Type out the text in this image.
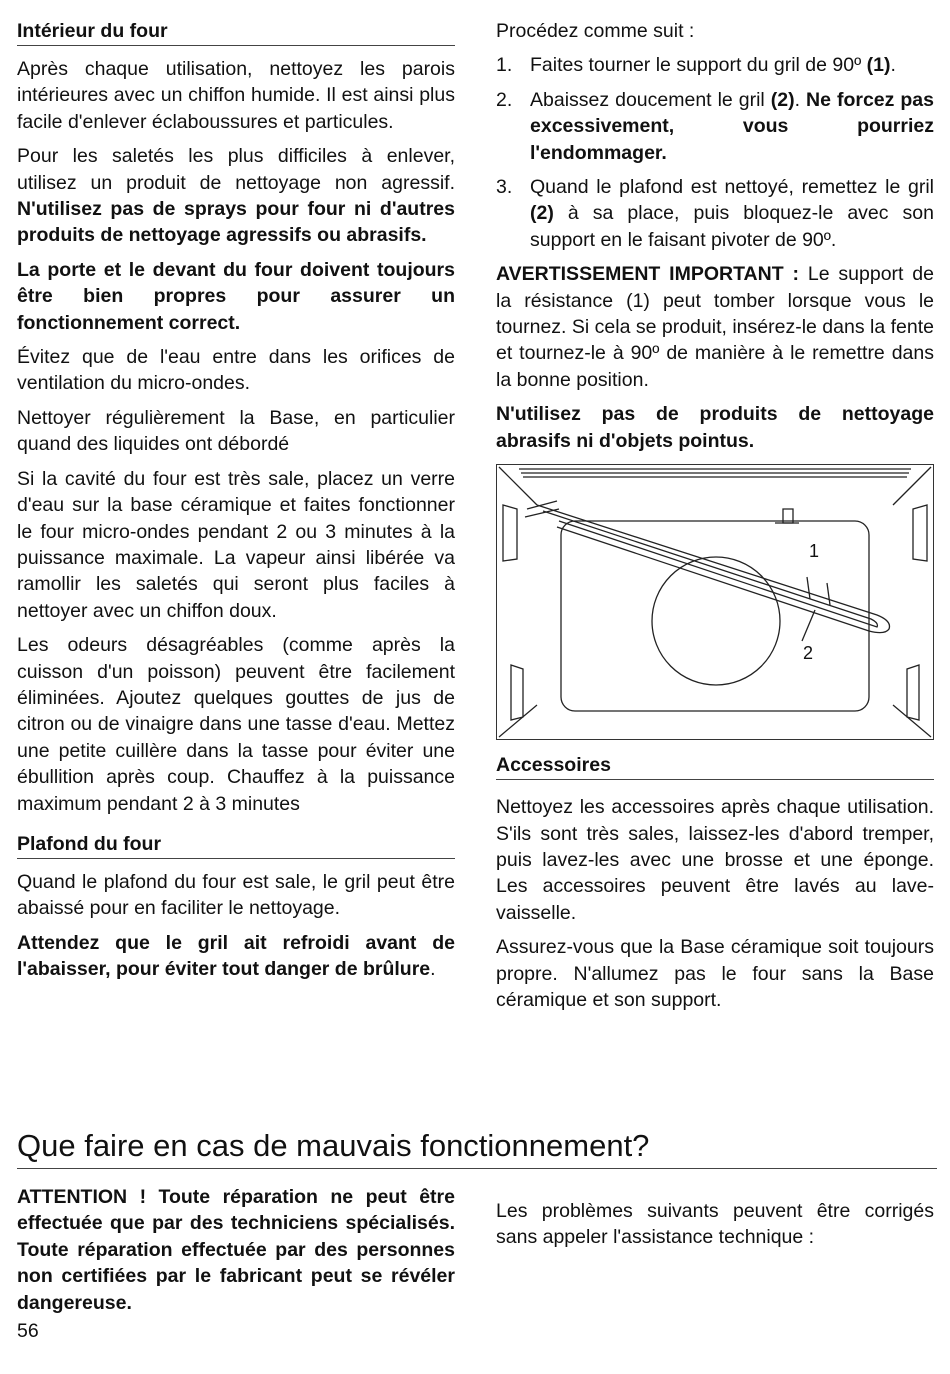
Intérieur du four

Après chaque utilisation, nettoyez les parois intérieures avec un chiffon humide. Il est ainsi plus facile d'enlever éclaboussures et particules.

Pour les saletés les plus difficiles à enlever, utilisez un produit de nettoyage non agressif. N'utilisez pas de sprays pour four ni d'autres produits de nettoyage agressifs ou abrasifs.

La porte et le devant du four doivent toujours être bien propres pour assurer un fonctionnement correct.

Évitez que de l'eau entre dans les orifices de ventilation du micro-ondes.

Nettoyer régulièrement la Base, en particulier quand des liquides ont débordé

Si la cavité du four est très sale, placez un verre d'eau sur la base céramique et faites fonctionner le four micro-ondes pendant 2 ou 3 minutes à la puissance maximale. La vapeur ainsi libérée va ramollir les saletés qui seront plus faciles à nettoyer avec un chiffon doux.

Les odeurs désagréables (comme après la cuisson d'un poisson) peuvent être facilement éliminées. Ajoutez quelques gouttes de jus de citron ou de vinaigre dans une tasse d'eau. Mettez une petite cuillère dans la tasse pour éviter une ébullition après coup. Chauffez à la puissance maximum pendant 2 à 3 minutes

Plafond du four

Quand le plafond du four est sale, le gril peut être abaissé pour en faciliter le nettoyage.

Attendez que le gril ait refroidi avant de l'abaisser, pour éviter tout danger de brûlure.

Procédez comme suit :

1. Faites tourner le support du gril de 90º (1).
2. Abaissez doucement le gril (2). Ne forcez pas excessivement, vous pourriez l'endommager.
3. Quand le plafond est nettoyé, remettez le gril (2) à sa place, puis bloquez-le avec son support en le faisant pivoter de 90º.

AVERTISSEMENT IMPORTANT : Le support de la résistance (1) peut tomber lorsque vous le tournez. Si cela se produit, insérez-le dans la fente et tournez-le à 90º de manière à le remettre dans la bonne position.

N'utilisez pas de produits de nettoyage abrasifs ni d'objets pointus.

1
2
Accessoires

Nettoyez les accessoires après chaque utilisation. S'ils sont très sales, laissez-les d'abord tremper, puis lavez-les avec une brosse et une éponge. Les accessoires peuvent être lavés au lave-vaisselle.

Assurez-vous que la Base céramique soit toujours propre. N'allumez pas le four sans la Base céramique et son support.

Que faire en cas de mauvais fonctionnement?

ATTENTION ! Toute réparation ne peut être effectuée que par des techniciens spécialisés. Toute réparation effectuée par des personnes non certifiées par le fabricant peut se révéler dangereuse.

Les problèmes suivants peuvent être corrigés sans appeler l'assistance technique :

56
